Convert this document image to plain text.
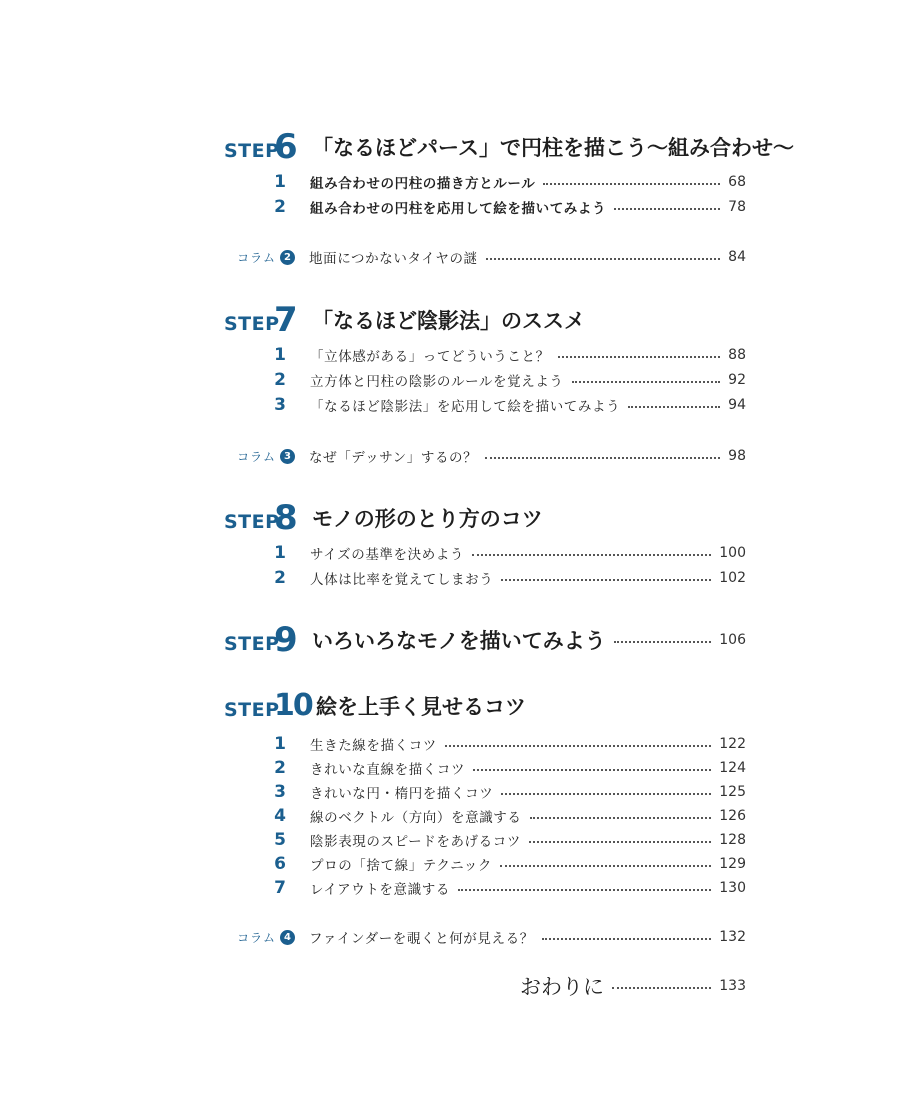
STEP
6 「なるほどパース」で円柱を描こう〜組み合わせ〜
1	組み合わせの円柱の描き方とルール	68
2	組み合わせの円柱を応用して絵を描いてみよう	78
コラム 2 地面につかないタイヤの謎	84
STEP
7 「なるほど陰影法」のススメ
1	「立体感がある」ってどういうこと？	88
2	立方体と円柱の陰影のルールを覚えよう	92
3	「なるほど陰影法」を応用して絵を描いてみよう	94
コラム 3 なぜ「デッサン」するの？	98
STEP
8 モノの形のとり方のコツ
1	サイズの基準を決めよう	100
2	人体は比率を覚えてしまおう	102
STEP
9 いろいろなモノを描いてみよう	106
STEP
10 絵を上手く見せるコツ
1	生きた線を描くコツ	122
2	きれいな直線を描くコツ	124
3	きれいな円・楕円を描くコツ	125
4	線のベクトル（方向）を意識する	126
5	陰影表現のスピードをあげるコツ	128
6	プロの「捨て線」テクニック	129
7	レイアウトを意識する	130
コラム 4 ファインダーを覗くと何が見える？	132
おわりに	133
